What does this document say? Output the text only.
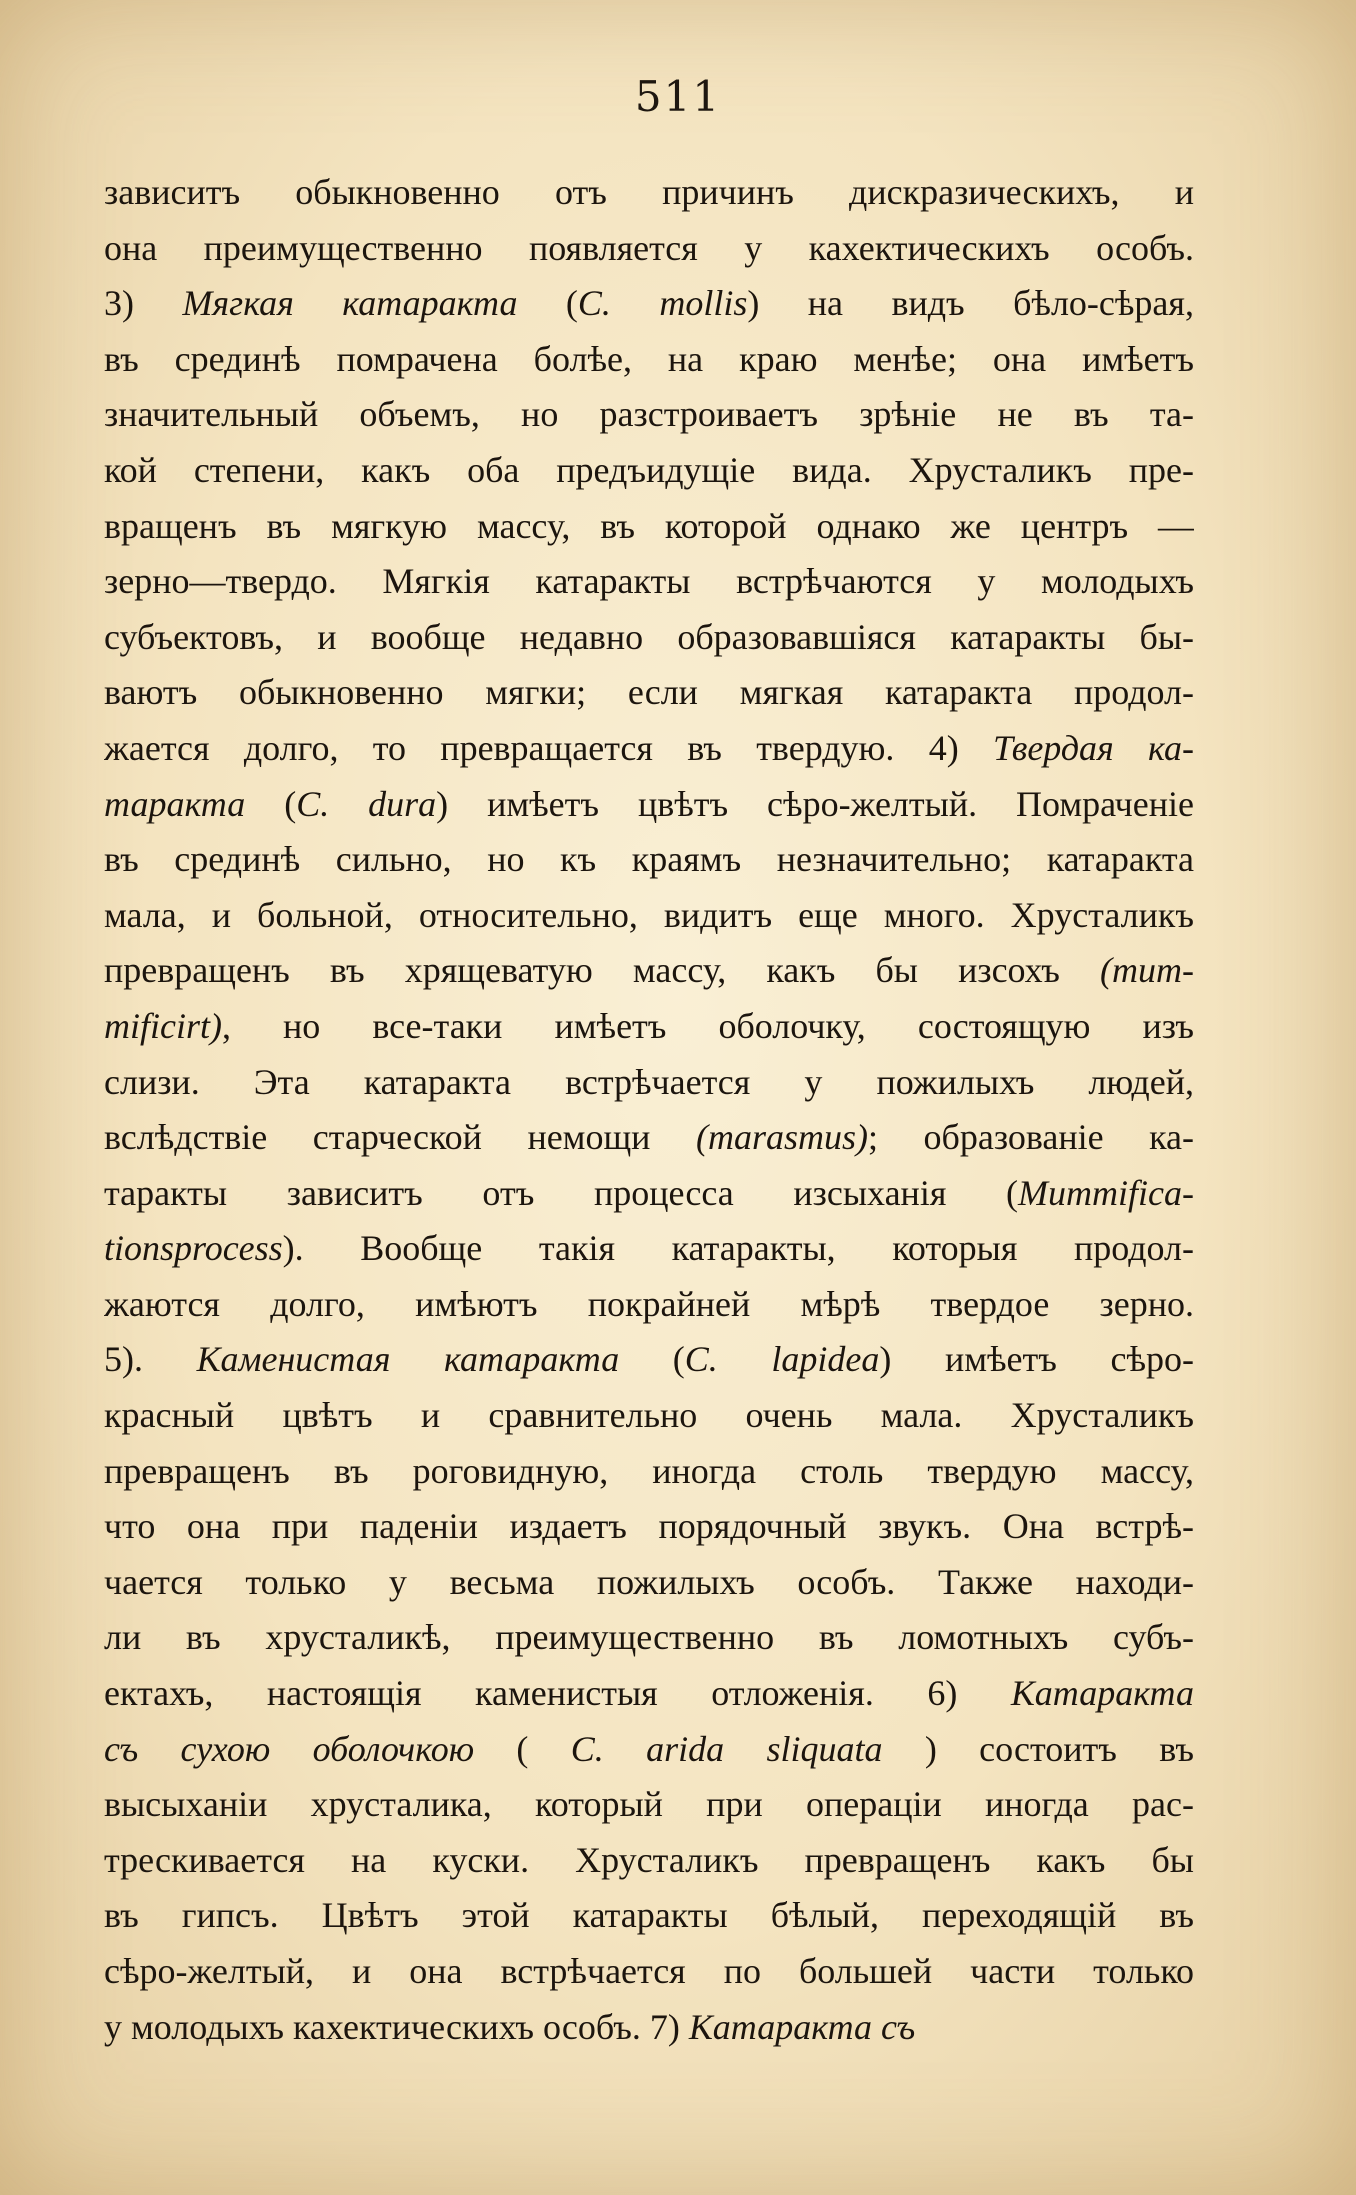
511
зависитъ обыкновенно отъ причинъ дискразическихъ, и
она преимущественно появляется у кахектическихъ особъ.
3) Мягкая катаракта (C. mollis) на видъ бѣло-сѣрая,
въ срединѣ помрачена болѣе, на краю менѣе; она имѣетъ
значительный объемъ, но разстроиваетъ зрѣніе не въ та-
кой степени, какъ оба предъидущіе вида. Хрусталикъ пре-
вращенъ въ мягкую массу, въ которой однако же центръ —
зерно—твердо. Мягкія катаракты встрѣчаются у молодыхъ
субъектовъ, и вообще недавно образовавшіяся катаракты бы-
ваютъ обыкновенно мягки; если мягкая катаракта продол-
жается долго, то превращается въ твердую. 4) Твердая ка-
таракта (C. dura) имѣетъ цвѣтъ сѣро-желтый. Помраченіе
въ срединѣ сильно, но къ краямъ незначительно; катаракта
мала, и больной, относительно, видитъ еще много. Хрусталикъ
превращенъ въ хрящеватую массу, какъ бы изсохъ (mum-
mificirt), но все-таки имѣетъ оболочку, состоящую изъ
слизи. Эта катаракта встрѣчается у пожилыхъ людей,
вслѣдствіе старческой немощи (marasmus); образованіе ка-
таракты зависитъ отъ процесса изсыханія (Mummifica-
tionsprocess). Вообще такія катаракты, которыя продол-
жаются долго, имѣютъ покрайней мѣрѣ твердое зерно.
5). Каменистая катаракта (C. lapidea) имѣетъ сѣро-
красный цвѣтъ и сравнительно очень мала. Хрусталикъ
превращенъ въ роговидную, иногда столь твердую массу,
что она при паденіи издаетъ порядочный звукъ. Она встрѣ-
чается только у весьма пожилыхъ особъ. Также находи-
ли въ хрусталикѣ, преимущественно въ ломотныхъ субъ-
ектахъ, настоящія каменистыя отложенія. 6) Катаракта
съ сухою оболочкою ( C. arida sliquata ) состоитъ въ
высыханіи хрусталика, который при операціи иногда рас-
трескивается на куски. Хрусталикъ превращенъ какъ бы
въ гипсъ. Цвѣтъ этой катаракты бѣлый, переходящій въ
сѣро-желтый, и она встрѣчается по большей части только
у молодыхъ кахектическихъ особъ. 7) Катаракта съ
